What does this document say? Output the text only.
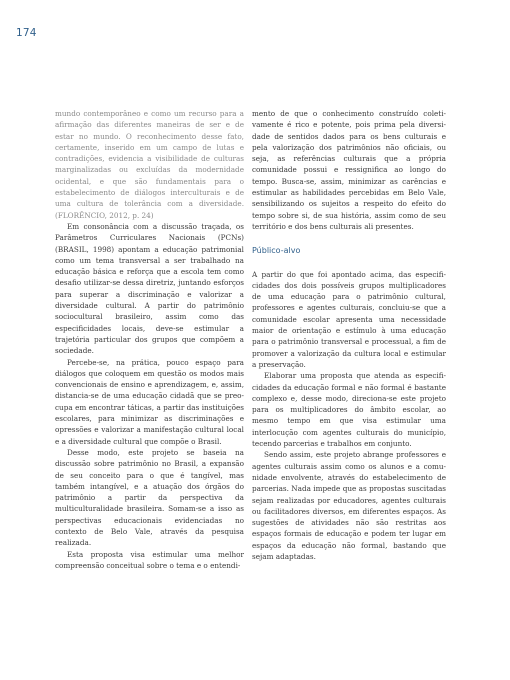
174

mundo contemporâneo e como um recurso para a afirmação das diferentes maneiras de ser e de estar no mundo. O reconhecimento desse fato, certamente, inserido em um campo de lutas e contradições, evidencia a visibilidade de culturas marginalizadas ou excluídas da modernidade ocidental, e que são fundamentais para o estabelecimento de diálogos interculturais e de uma cultura de tolerância com a diversidade. (FLORÊNCIO, 2012, p. 24)

Em consonância com a discussão traçada, os Parâmetros Curriculares Nacionais (PCNs) (BRASIL, 1998) apontam a educação patrimonial como um tema transversal a ser trabalhado na educação básica e reforça que a escola tem como desafio utilizar-se dessa diretriz, juntando esforços para superar a discriminação e valorizar a diversidade cultural. A partir do patrimônio sociocultural brasileiro, assim como das especificidades locais, deve-se estimular a trajetória particular dos grupos que compõem a sociedade.

Percebe-se, na prática, pouco espaço para diálogos que coloquem em questão os modos mais convencionais de ensino e aprendizagem, e, assim, distancia-se de uma educação cidadã que se preocupa em encontrar táticas, a partir das instituições escolares, para minimizar as discriminações e opressões e valorizar a manifestação cultural local e a diversidade cultural que compõe o Brasil.

Desse modo, este projeto se baseia na discussão sobre patrimônio no Brasil, a expansão de seu conceito para o que é tangível, mas também intangível, e a atuação dos órgãos do patrimônio a partir da perspectiva da multiculturalidade brasileira. Somam-se a isso as perspectivas educacionais evidenciadas no contexto de Belo Vale, através da pesquisa realizada.

Esta proposta visa estimular uma melhor compreensão conceitual sobre o tema e o entendi-

mento de que o conhecimento construído coletivamente é rico e potente, pois prima pela diversidade de sentidos dados para os bens culturais e pela valorização dos patrimônios não oficiais, ou seja, as referências culturais que a própria comunidade possui e ressignifica ao longo do tempo. Busca-se, assim, minimizar as carências e estimular as habilidades percebidas em Belo Vale, sensibilizando os sujeitos a respeito do efeito do tempo sobre si, de sua história, assim como de seu território e dos bens culturais ali presentes.

Público-alvo

A partir do que foi apontado acima, das especificidades dos dois possíveis grupos multiplicadores de uma educação para o patrimônio cultural, professores e agentes culturais, concluiu-se que a comunidade escolar apresenta uma necessidade maior de orientação e estímulo à uma educação para o patrimônio transversal e processual, a fim de promover a valorização da cultura local e estimular a preservação.

Elaborar uma proposta que atenda as especificidades da educação formal e não formal é bastante complexo e, desse modo, direciona-se este projeto para os multiplicadores do âmbito escolar, ao mesmo tempo em que visa estimular uma interlocução com agentes culturais do município, tecendo parcerias e trabalhos em conjunto.

Sendo assim, este projeto abrange professores e agentes culturais assim como os alunos e a comunidade envolvente, através do estabelecimento de parcerias. Nada impede que as propostas suscitadas sejam realizadas por educadores, agentes culturais ou facilitadores diversos, em diferentes espaços. As sugestões de atividades não são restritas aos espaços formais de educação e podem ter lugar em espaços da educação não formal, bastando que sejam adaptadas.
